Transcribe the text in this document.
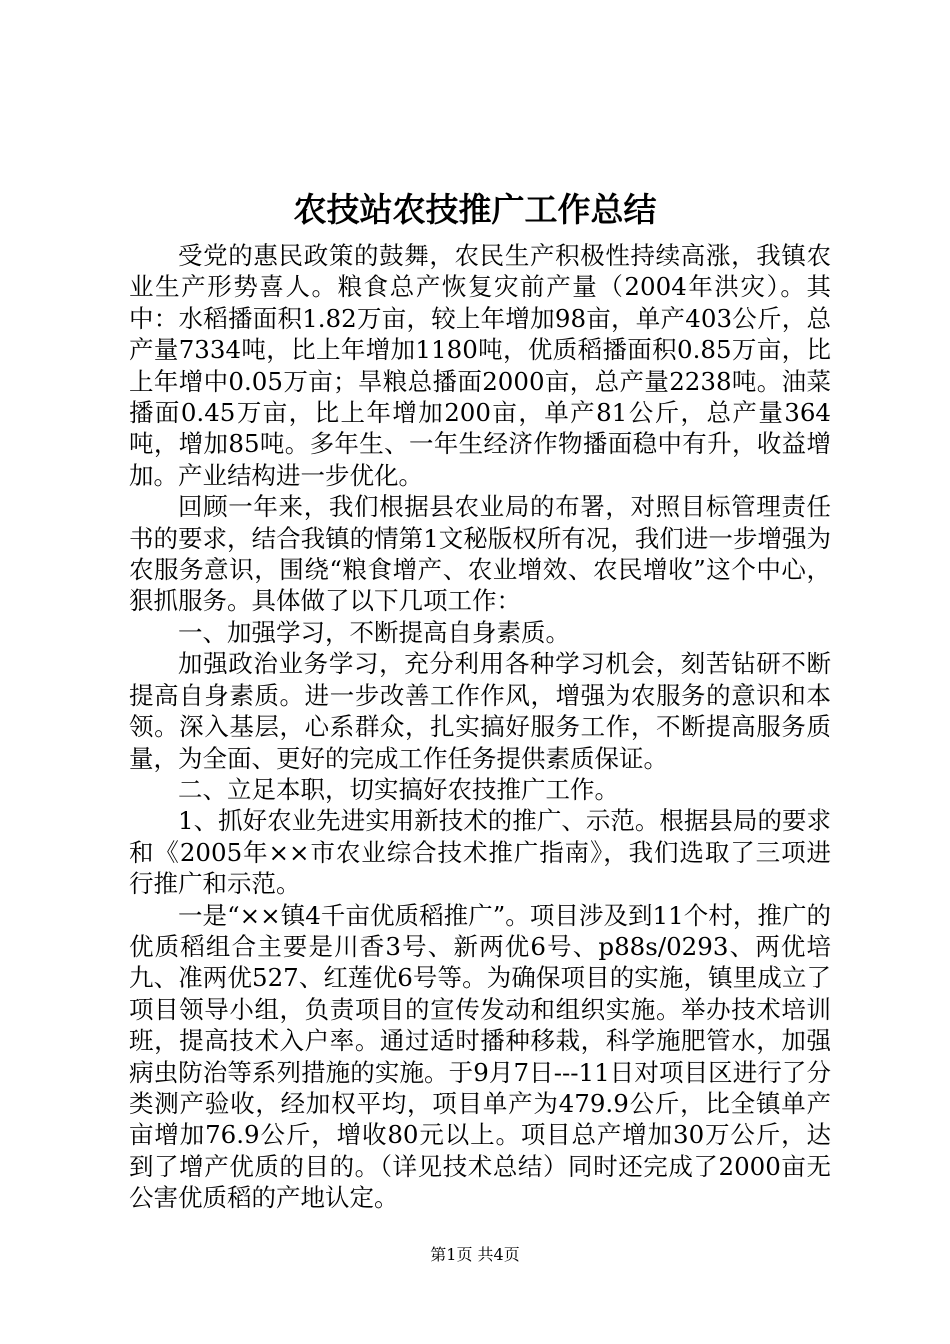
农技站农技推广工作总结

受党的惠民政策的鼓舞，农民生产积极性持续高涨，我镇农业生产形势喜人。粮食总产恢复灾前产量（2004年洪灾）。其中：水稻播面积1.82万亩，较上年增加98亩，单产403公斤，总产量7334吨，比上年增加1180吨，优质稻播面积0.85万亩，比上年增中0.05万亩；旱粮总播面2000亩，总产量2238吨。油菜播面0.45万亩，比上年增加200亩，单产81公斤，总产量364吨，增加85吨。多年生、一年生经济作物播面稳中有升，收益增加。产业结构进一步优化。

回顾一年来，我们根据县农业局的布署，对照目标管理责任书的要求，结合我镇的情第1文秘版权所有况，我们进一步增强为农服务意识，围绕“粮食增产、农业增效、农民增收”这个中心，狠抓服务。具体做了以下几项工作：

一、加强学习，不断提高自身素质。

加强政治业务学习，充分利用各种学习机会，刻苦钻研不断提高自身素质。进一步改善工作作风，增强为农服务的意识和本领。深入基层，心系群众，扎实搞好服务工作，不断提高服务质量，为全面、更好的完成工作任务提供素质保证。

二、立足本职，切实搞好农技推广工作。

1、抓好农业先进实用新技术的推广、示范。根据县局的要求和《2005年××市农业综合技术推广指南》，我们选取了三项进行推广和示范。

一是“××镇4千亩优质稻推广”。项目涉及到11个村，推广的优质稻组合主要是川香3号、新两优6号、p88s/0293、两优培九、准两优527、红莲优6号等。为确保项目的实施，镇里成立了项目领导小组，负责项目的宣传发动和组织实施。举办技术培训班，提高技术入户率。通过适时播种移栽，科学施肥管水，加强病虫防治等系列措施的实施。于9月7日---11日对项目区进行了分类测产验收，经加权平均，项目单产为479.9公斤，比全镇单产亩增加76.9公斤，增收80元以上。项目总产增加30万公斤，达到了增产优质的目的。（详见技术总结）同时还完成了2000亩无公害优质稻的产地认定。

第1页 共4页
